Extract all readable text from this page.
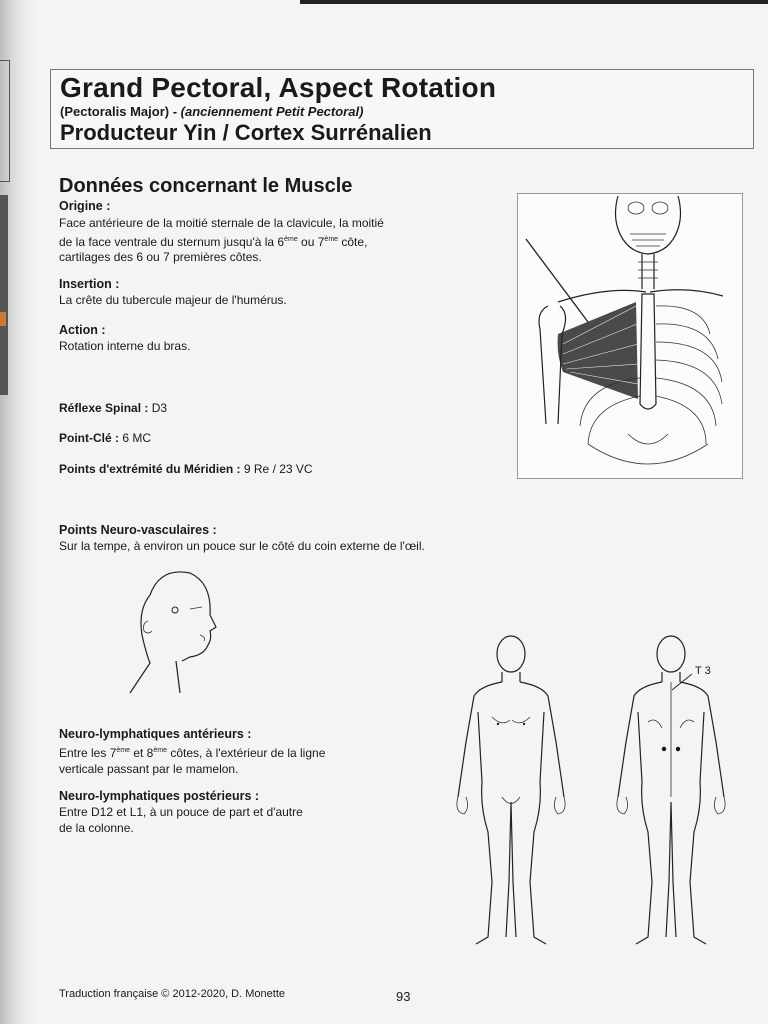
Grand Pectoral, Aspect Rotation
(Pectoralis Major) - (anciennement Petit Pectoral)
Producteur Yin / Cortex Surrénalien
Données concernant le Muscle
Origine :
Face antérieure de la moitié sternale de la clavicule, la moitié
de la face ventrale du sternum jusqu'à la 6ème ou 7ème côte,
cartilages des 6 ou 7 premières côtes.
Insertion :
La crête du tubercule majeur de l'humérus.
Action :
Rotation interne du bras.
Réflexe Spinal : D3
Point-Clé : 6 MC
Points d'extrémité du Méridien : 9 Re / 23 VC
Points Neuro-vasculaires :
Sur la tempe, à environ un pouce sur le côté du coin externe de l'œil.
Neuro-lymphatiques antérieurs :
Entre les 7ème et 8ème côtes, à l'extérieur de la ligne
verticale passant par le mamelon.
Neuro-lymphatiques postérieurs :
Entre D12 et L1, à un pouce de part et d'autre
de la colonne.
T 3
Traduction française © 2012-2020, D. Monette	93
